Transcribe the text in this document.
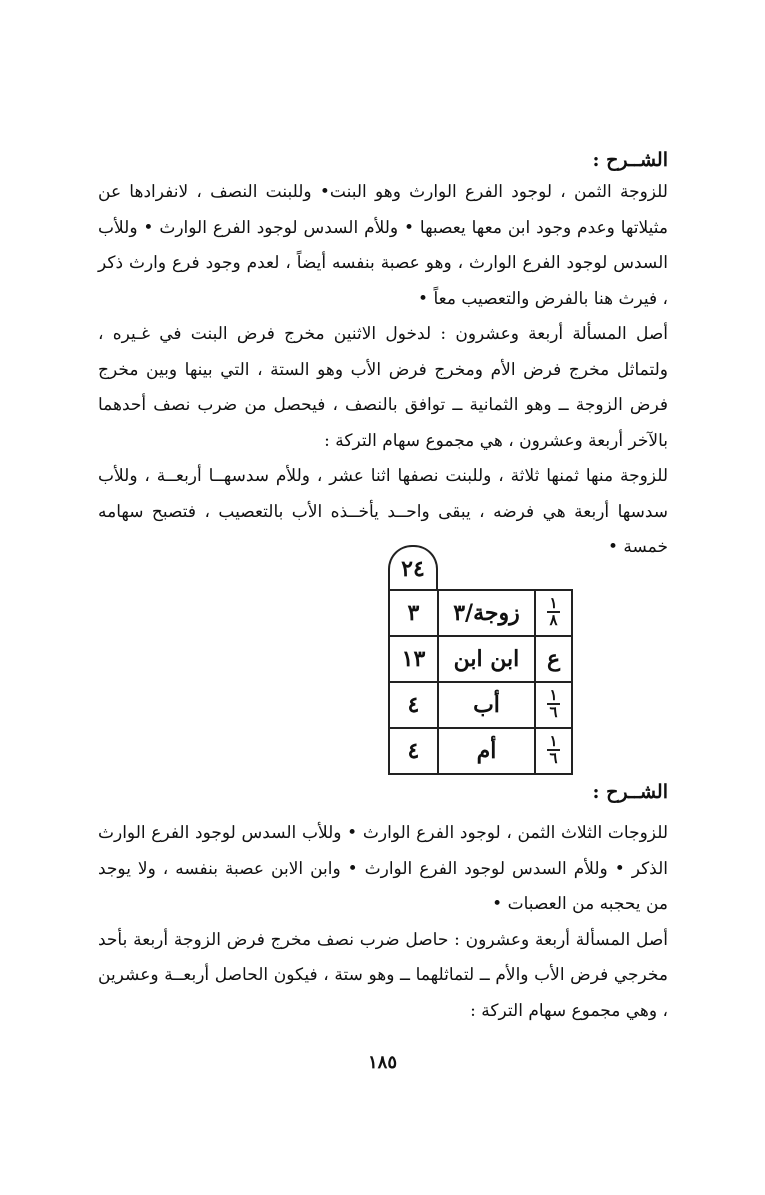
الشــرح :

للزوجة الثمن ، لوجود الفرع الوارث وهو البنت• وللبنت النصف ، لانفرادها عن مثيلاتها وعدم وجود ابن معها يعصبها • وللأم السدس لوجود الفرع الوارث • وللأب السدس لوجود الفرع الوارث ، وهو عصبة بنفسه أيضاً ، لعدم وجود فرع وارث ذكر ، فيرث هنا بالفرض والتعصيب معاً •

أصل المسألة أربعة وعشرون : لدخول الاثنين مخرج فرض البنت في غـيره ، ولتماثل مخرج فرض الأم ومخرج فرض الأب وهو الستة ، التي بينها وبين مخرج فرض الزوجة ــ وهو الثمانية ــ توافق بالنصف ، فيحصل من ضرب نصف أحدهما بالآخر أربعة وعشرون ، هي مجموع سهام التركة :

للزوجة منها ثمنها ثلاثة ، وللبنت نصفها اثنا عشر ، وللأم سدسهــا أربعــة ، وللأب سدسها أربعة هي فرضه ، يبقى واحــد يأخــذه الأب بالتعصيب ، فتصبح سهامه خمسة •

٢٤
$\frac{١}{٨}$	زوجة/٣	٣
ع	ابن ابن	١٣

$\frac{١}{٦}$	أب	٤

$\frac{١}{٦}$	أم	٤
الشــرح :

للزوجات الثلاث الثمن ، لوجود الفرع الوارث • وللأب السدس لوجود الفرع الوارث الذكر • وللأم السدس لوجود الفرع الوارث • وابن الابن عصبة بنفسه ، ولا يوجد من يحجبه من العصبات •

أصل المسألة أربعة وعشرون : حاصل ضرب نصف مخرج فرض الزوجة أربعة بأحد مخرجي فرض الأب والأم ــ لتماثلهما ــ وهو ستة ، فيكون الحاصل أربعــة وعشرين ، وهي مجموع سهام التركة :

١٨٥
